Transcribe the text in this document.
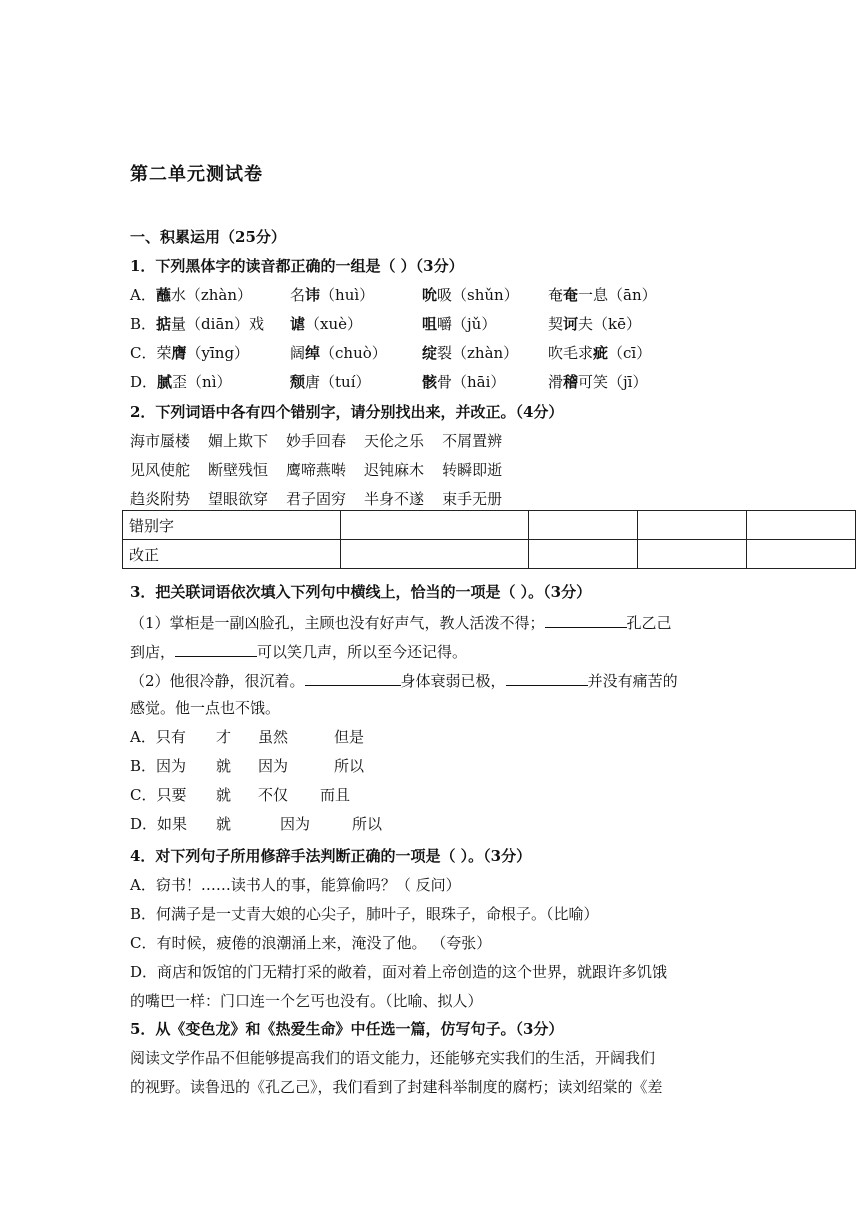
第二单元测试卷
一、积累运用（25分）
1．下列黑体字的读音都正确的一组是（ ）（3分）
A．蘸水（zhàn）	名讳（huì）	吮吸（shǔn） 奄奄一息（ān）
B．掂量（diān）戏 谑（xuè）	咀嚼（jǔ）	契诃夫（kē）
C．荣膺（yīng）	阔绰（chuò） 绽裂（zhàn） 吹毛求疵（cī）
D．腻歪（nì）	颓唐（tuí）	骸骨（hāi）	滑稽可笑（jī）
2．下列词语中各有四个错别字，请分别找出来，并改正。（4分）
海市蜃楼 媚上欺下 妙手回春 天伦之乐 不屑置辨
见风使舵 断壁残恒 鹰啼燕啭 迟钝麻木 转瞬即逝
趋炎附势 望眼欲穿 君子固穷 半身不遂 束手无册
错别字				
改正				
3．把关联词语依次填入下列句中横线上，恰当的一项是（ ）。（3分）
（1）掌柜是一副凶脸孔，主顾也没有好声气，教人活泼不得；	孔乙己
到店，	可以笑几声，所以至今还记得。
（2）他很冷静，很沉着。	身体衰弱已极，	并没有痛苦的
感觉。他一点也不饿。
A．只有 才 虽然	但是
B．因为 就 因为	所以
C．只要 就 不仅 而且
D．如果 就	因为	所以
4．对下列句子所用修辞手法判断正确的一项是（ ）。（3分）
A．窃书！……读书人的事，能算偷吗？（ 反问）
B．何满子是一丈青大娘的心尖子，肺叶子，眼珠子，命根子。（比喻）
C．有时候，疲倦的浪潮涌上来，淹没了他。 （夸张）
D．商店和饭馆的门无精打采的敞着，面对着上帝创造的这个世界，就跟许多饥饿
的嘴巴一样：门口连一个乞丐也没有。（比喻、拟人）
5．从《变色龙》和《热爱生命》中任选一篇，仿写句子。（3分）
阅读文学作品不但能够提高我们的语文能力，还能够充实我们的生活，开阔我们
的视野。读鲁迅的《孔乙己》，我们看到了封建科举制度的腐朽；读刘绍棠的《差
